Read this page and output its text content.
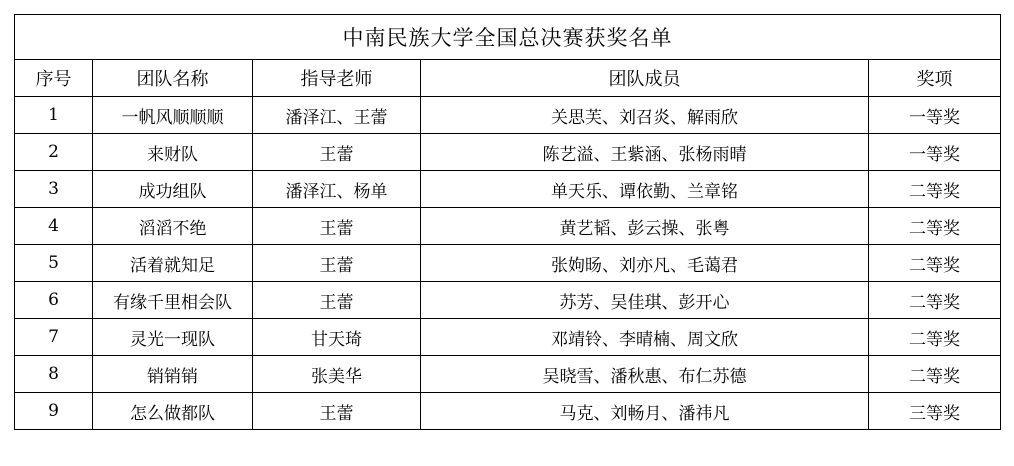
中南民族大学全国总决赛获奖名单				
序号	团队名称	指导老师	团队成员	奖项
1	一帆风顺顺顺	潘泽江、王蕾	关思芙、刘召炎、解雨欣	一等奖
2	来财队	王蕾	陈艺溢、王紫涵、张杨雨晴	一等奖
3	成功组队	潘泽江、杨单	单天乐、谭依勤、兰章铭	二等奖
4	滔滔不绝	王蕾	黄艺韬、彭云操、张粤	二等奖
5	活着就知足	王蕾	张姁旸、刘亦凡、毛蔼君	二等奖
6	有缘千里相会队	王蕾	苏芳、吴佳琪、彭开心	二等奖
7	灵光一现队	甘天琦	邓靖铃、李晴楠、周文欣	二等奖
8	销销销	张美华	吴晓雪、潘秋惠、布仁苏德	二等奖
9	怎么做都队	王蕾	马克、刘畅月、潘祎凡	三等奖
